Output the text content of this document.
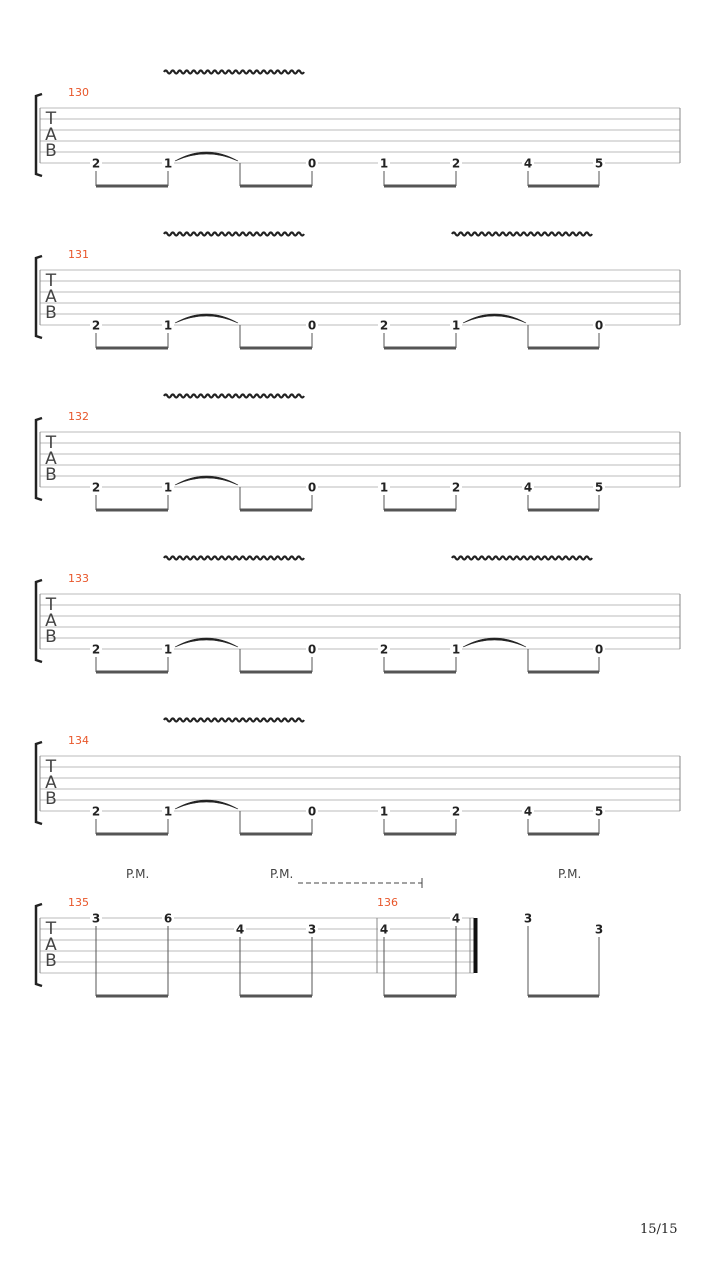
T
A
B
130
2	1	0	1	2	4	5
T
A
B
131
2	1	0	2	1	0
T
A
B
132
2	1	0	1	2	4	5
T
A
B
133
2	1	0	2	1	0
T
A
B
134
2	1	0	1	2	4	5
T
A
B
135
3	6
4	3	4
4	3
3
P.M.	P.M.	P.M.
136
15/15
